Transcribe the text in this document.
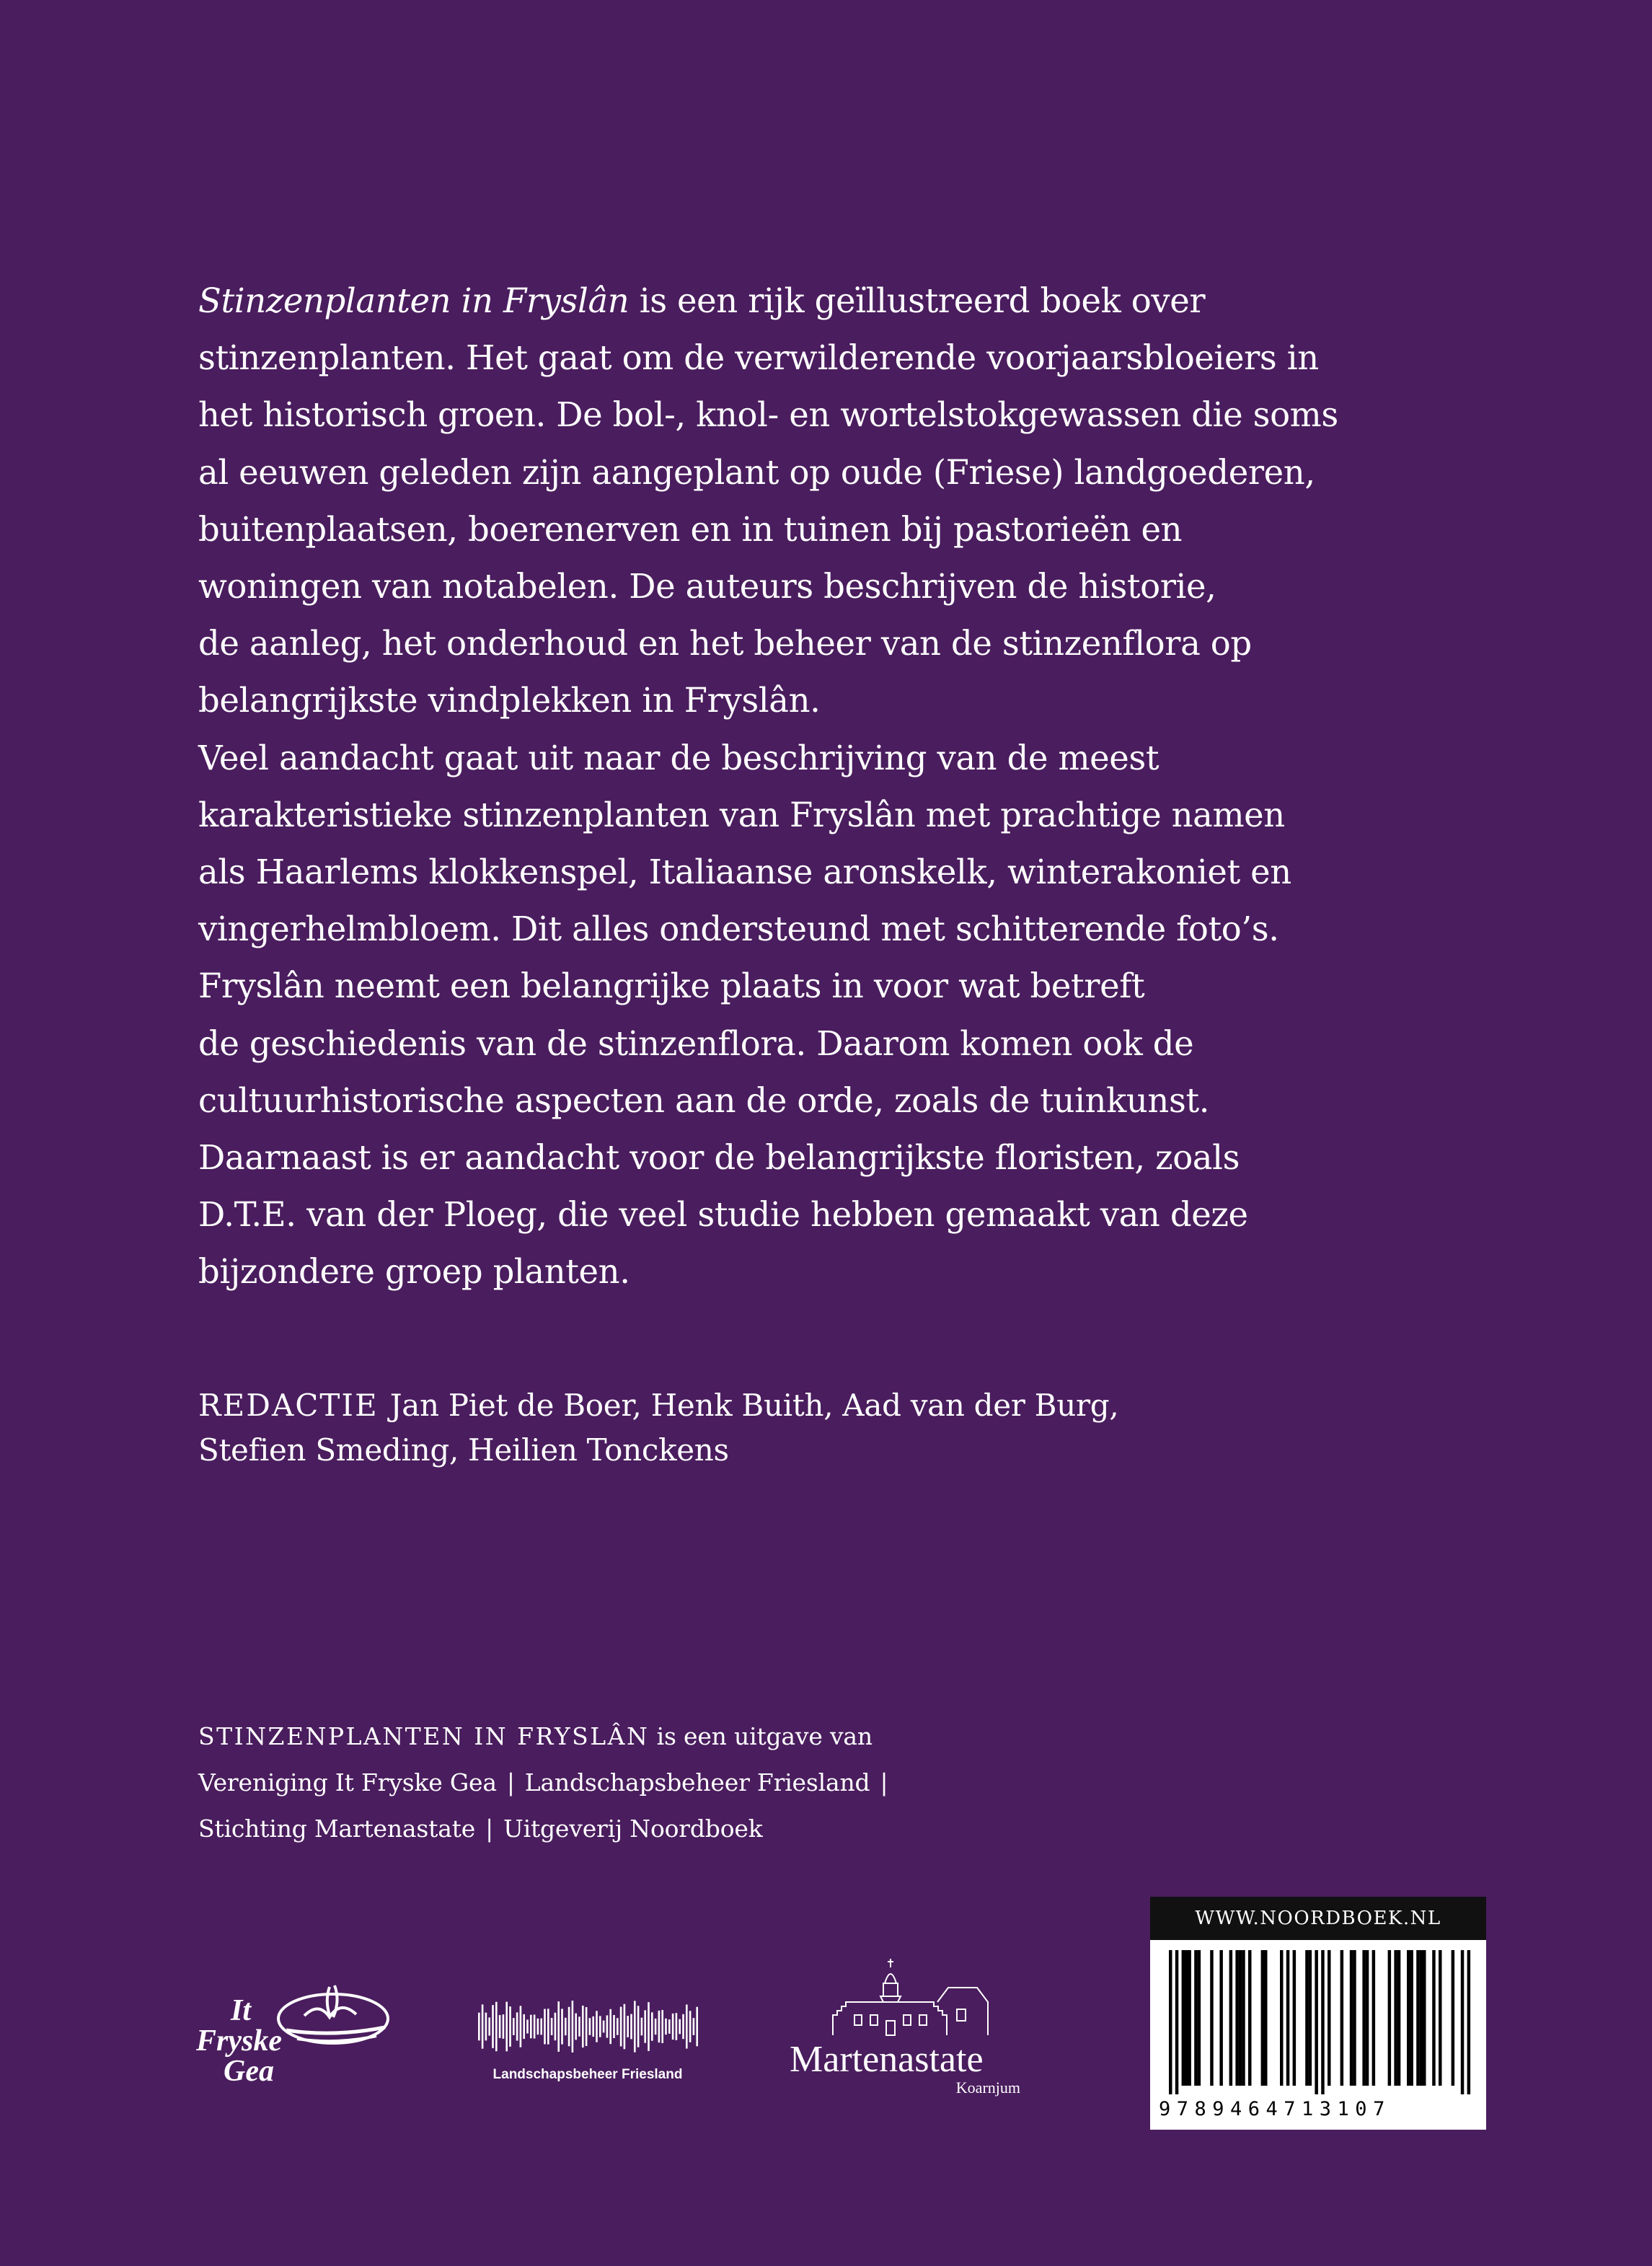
Stinzenplanten in Fryslân is een rijk geïllustreerd boek over
stinzenplanten. Het gaat om de verwilderende voorjaarsbloeiers in
het historisch groen. De bol-, knol- en wortelstokgewassen die soms
al eeuwen geleden zijn aangeplant op oude (Friese) landgoederen,
buitenplaatsen, boerenerven en in tuinen bij pastorieën en
woningen van notabelen. De auteurs beschrijven de historie,
de aanleg, het onderhoud en het beheer van de stinzenflora op
belangrijkste vindplekken in Fryslân.
Veel aandacht gaat uit naar de beschrijving van de meest
karakteristieke stinzenplanten van Fryslân met prachtige namen
als Haarlems klokkenspel, Italiaanse aronskelk, winterakoniet en
vingerhelmbloem. Dit alles ondersteund met schitterende foto’s.
Fryslân neemt een belangrijke plaats in voor wat betreft
de geschiedenis van de stinzenflora. Daarom komen ook de
cultuurhistorische aspecten aan de orde, zoals de tuinkunst.
Daarnaast is er aandacht voor de belangrijkste floristen, zoals
D.T.E. van der Ploeg, die veel studie hebben gemaakt van deze
bijzondere groep planten.

REDACTIE Jan Piet de Boer, Henk Buith, Aad van der Burg,
Stefien Smeding, Heilien Tonckens
STINZENPLANTEN IN FRYSLÂN is een uitgave van
Vereniging It Fryske Gea | Landschapsbeheer Friesland |
Stichting Martenastate | Uitgeverij Noordboek
It
Fryske
Gea	Landschapsbeheer Friesland	Martenastate
Koarnjum
WWW.NOORDBOEK.NL
9789464713107
